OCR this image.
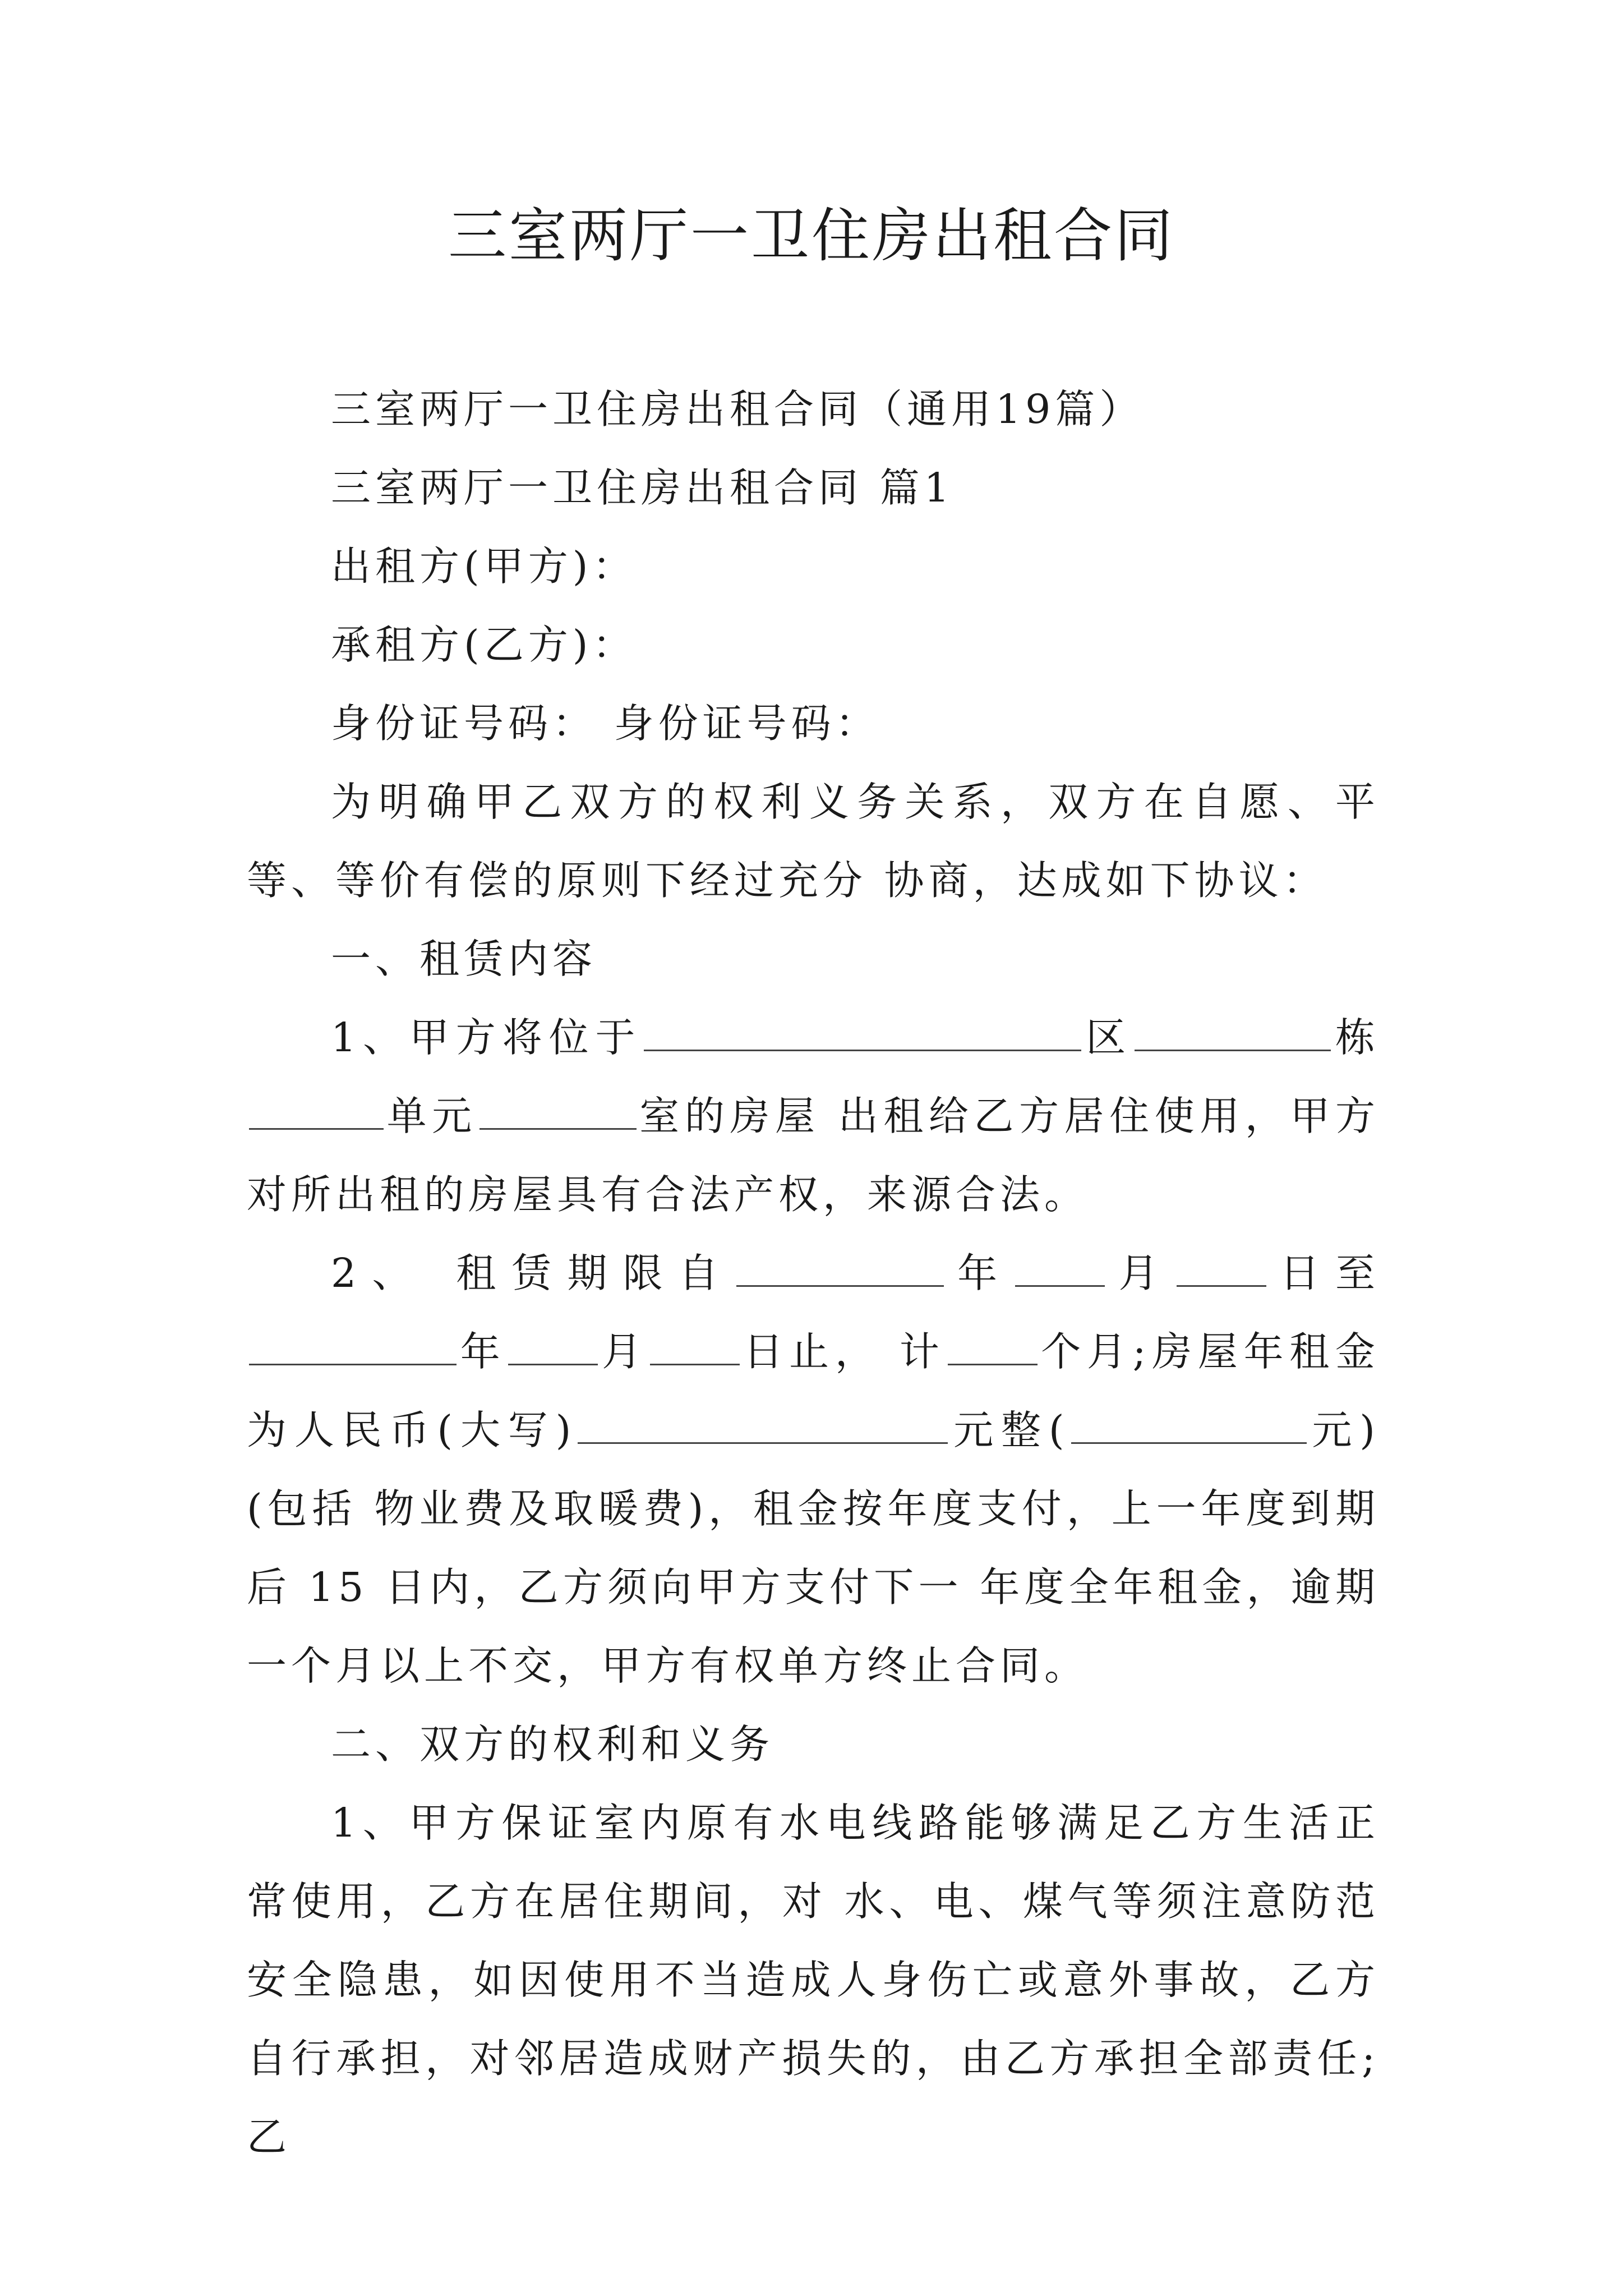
三室两厅一卫住房出租合同

三室两厅一卫住房出租合同（通用19篇）

三室两厅一卫住房出租合同 篇1

出租方(甲方)：

承租方(乙方)：

身份证号码： 身份证号码：

为明确甲乙双方的权利义务关系，双方在自愿、平等、等价有偿的原则下经过充分 协商，达成如下协议：

一、租赁内容

1、甲方将位于	区	栋单元	室的房屋 出租给乙方居住使用，甲方对所出租的房屋具有合法产权，来源合法。

2、 租赁期限自	年 月 日至年 月 日止， 计 个月;房屋年租金为人民币(大写)	元整(	元)(包括 物业费及取暖费)，租金按年度支付，上一年度到期后 15 日内，乙方须向甲方支付下一 年度全年租金，逾期一个月以上不交，甲方有权单方终止合同。

二、双方的权利和义务

1、甲方保证室内原有水电线路能够满足乙方生活正常使用，乙方在居住期间，对 水、电、煤气等须注意防范安全隐患，如因使用不当造成人身伤亡或意外事故，乙方自行承担，对邻居造成财产损失的，由乙方承担全部责任;乙
